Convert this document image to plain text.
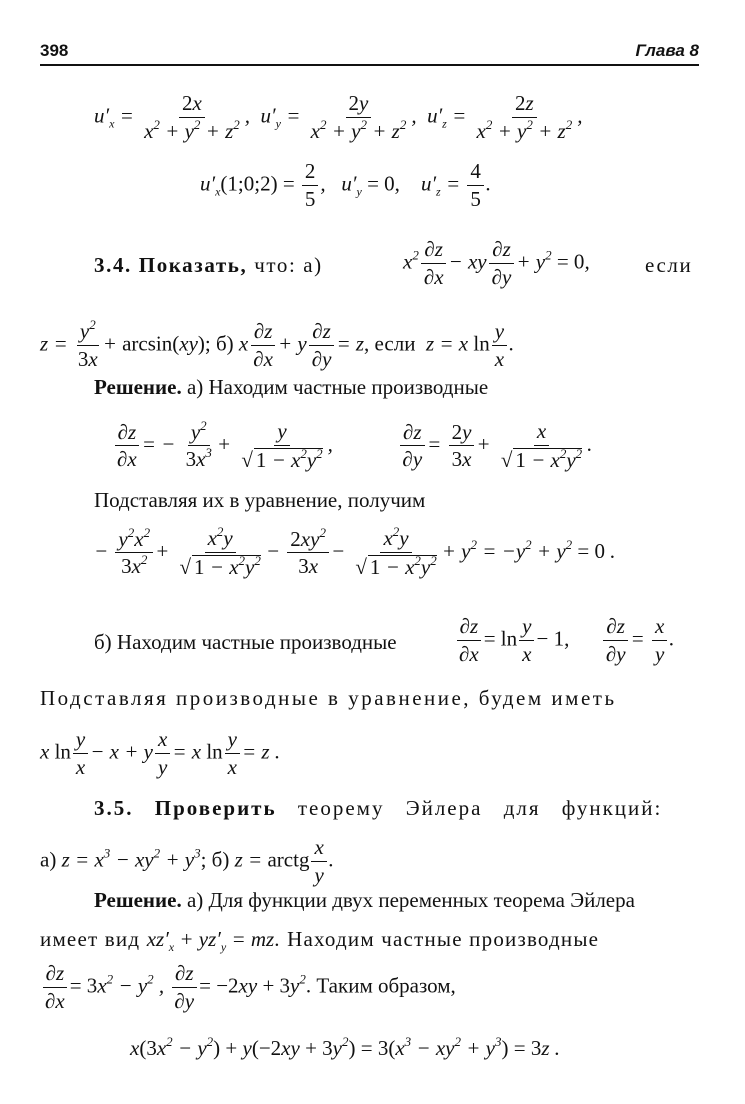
398	Глава 8
$u'_x = \frac{2x}{x^2 + y^2 + z^2}$ ,  $u'_y = \frac{2y}{x^2 + y^2 + z^2}$ ,  $u'_z = \frac{2z}{x^2 + y^2 + z^2}$ ,
$u'_x(1;0;2) = \frac{2}{5}$ ,   $u'_y = 0$, $u'_z = \frac{4}{5}$ .
3.4. Показать, что: а)	$x^2 \frac{\partial z}{\partial x}$ − xy $\frac{\partial z}{\partial y} + y^2 = 0$,	если
$z = \frac{y^2}{3x} + \arcsin(xy)$; б) x $\frac{\partial z}{\partial x} + y \frac{\partial z}{\partial y} = z$, если z = x $\ln \frac{y}{x}$ .
Решение. а) Находим частные производные
$\frac{\partial z}{\partial x}$ = − $\frac{y^2}{3x^3} + \frac{y}{√ 1 - x^2y^2}$ ,	$\frac{\partial z}{\partial y} = \frac{2y}{3x} + \frac{x}{√ 1 - x^2y^2}$ .
Подставляя их в уравнение, получим
− $\frac{y^2x^2}{3x^2} + \frac{x^2y}{√ 1 - x^2y^2} - \frac{2xy^2}{3x} - \frac{x^2y}{√ 1 - x^2y^2} + y^2 = -y^2 + y^2 = 0$ .
б) Находим частные производные	$\frac{\partial z}{\partial x} = \ln \frac{y}{x} - 1$, $\frac{\partial z}{\partial y} = \frac{x}{y}$ .
Подставляя производные в уравнение, будем иметь
x $\ln \frac{y}{x} - x + y \frac{x}{y} = x$ $\ln \frac{y}{x} = z$ .
3.5. Проверить теорему Эйлера для функций:
а) $z = x^3 - xy^2 + y^3$; б) z = arctg $\frac{x}{y}$ .
Решение. а) Для функции двух переменных теорема Эйлера
имеет вид $xz'_x + yz'_y$ = mz. Находим частные производные
$\frac{\partial z}{\partial x} = 3x^2 - y^2$ , $\frac{\partial z}{\partial y} = -2xy + 3y^2$. Таким образом,
$x(3x^2 - y^2) + y(-2xy + 3y^2) = 3(x^3 - xy^2 + y^3) = 3z$ .
